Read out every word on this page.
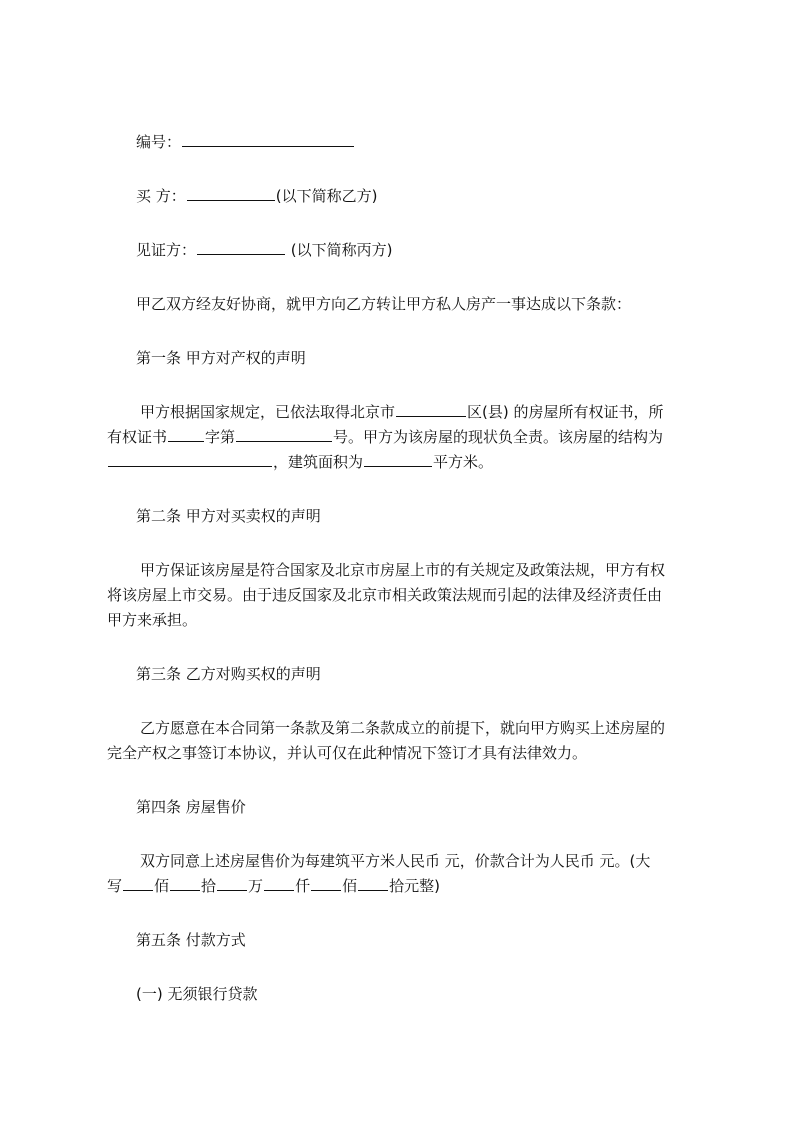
编号：

买 方：	(以下简称乙方)

见证方：	(以下简称丙方)

甲乙双方经友好协商，就甲方向乙方转让甲方私人房产一事达成以下条款：

第一条 甲方对产权的声明

甲方根据国家规定，已依法取得北京市	区(县) 的房屋所有权证书，所

有权证书	字第	号。甲方为该房屋的现状负全责。该房屋的结构为

，建筑面积为	平方米。

第二条 甲方对买卖权的声明

甲方保证该房屋是符合国家及北京市房屋上市的有关规定及政策法规，甲方有权

将该房屋上市交易。由于违反国家及北京市相关政策法规而引起的法律及经济责任由

甲方来承担。

第三条 乙方对购买权的声明

乙方愿意在本合同第一条款及第二条款成立的前提下，就向甲方购买上述房屋的

完全产权之事签订本协议，并认可仅在此种情况下签订才具有法律效力。

第四条 房屋售价

双方同意上述房屋售价为每建筑平方米人民币 元，价款合计为人民币 元。(大

写 佰 拾 万 仟 佰 拾元整)

第五条 付款方式

(一) 无须银行贷款
